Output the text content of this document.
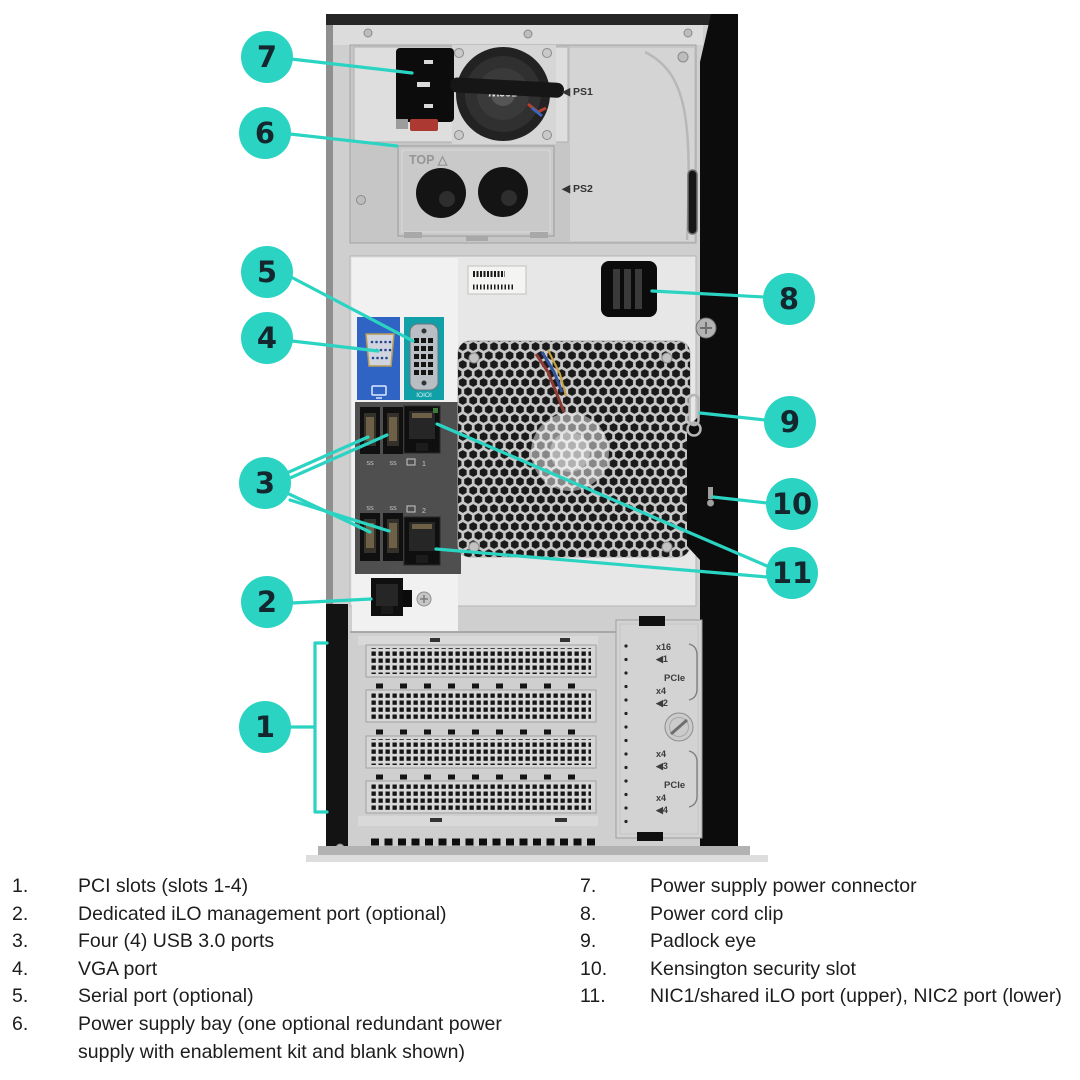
◀ PS1
TOP △
◀ PS2
IOIOI
SS	SS
SS	SS
1
2
iLO
x16
◀1
PCIe
x4
◀2
x4
◀3
PCIe
x4
◀4
7
6
5
4
3
2
1
8
9
10
11
1.	PCI slots (slots 1-4)
2.	Dedicated iLO management port (optional)
3.	Four (4) USB 3.0 ports
4.	VGA port
5.	Serial port (optional)
6.	Power supply bay (one optional redundant power supply with enablement kit and blank shown)
7.	Power supply power connector
8.	Power cord clip
9.	Padlock eye
10.	Kensington security slot
11.	NIC1/shared iLO port (upper), NIC2 port (lower)
